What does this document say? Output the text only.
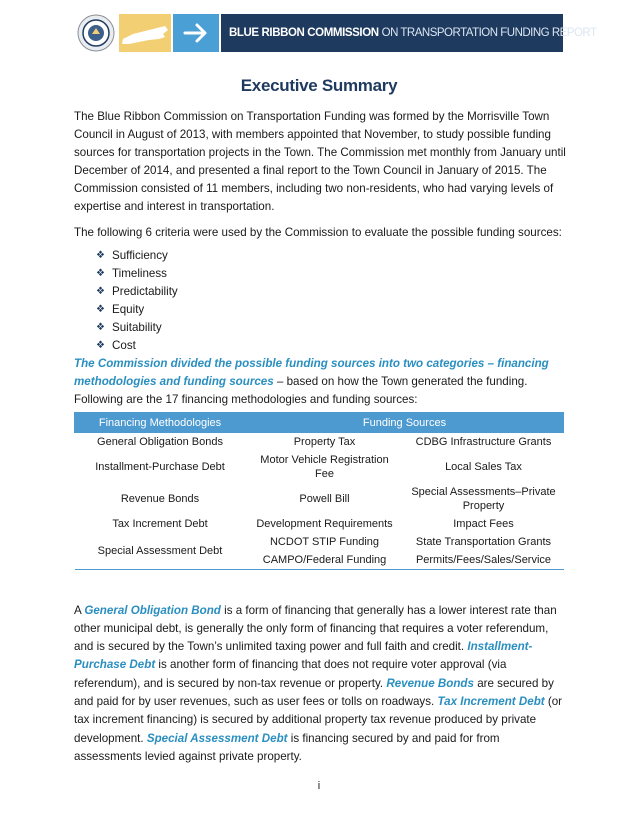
BLUE RIBBON COMMISSION ON TRANSPORTATION FUNDING REPORT
Executive Summary

The Blue Ribbon Commission on Transportation Funding was formed by the Morrisville Town Council in August of 2013, with members appointed that November, to study possible funding sources for transportation projects in the Town. The Commission met monthly from January until December of 2014, and presented a final report to the Town Council in January of 2015. The Commission consisted of 11 members, including two non-residents, who had varying levels of expertise and interest in transportation.

The following 6 criteria were used by the Commission to evaluate the possible funding sources:

❖ Sufficiency
❖ Timeliness
❖ Predictability
❖ Equity
❖ Suitability
❖ Cost

The Commission divided the possible funding sources into two categories – financing methodologies and funding sources – based on how the Town generated the funding. Following are the 17 financing methodologies and funding sources:

Financing Methodologies	Funding Sources	
General Obligation Bonds	Property Tax	CDBG Infrastructure Grants
Installment-Purchase Debt	Motor Vehicle Registration Fee	Local Sales Tax
Revenue Bonds	Powell Bill	Special Assessments–Private Property
Tax Increment Debt	Development Requirements	Impact Fees
Special Assessment Debt	NCDOT STIP Funding	State Transportation Grants
	CAMPO/Federal Funding	Permits/Fees/Sales/Service

A General Obligation Bond is a form of financing that generally has a lower interest rate than other municipal debt, is generally the only form of financing that requires a voter referendum, and is secured by the Town’s unlimited taxing power and full faith and credit. Installment-Purchase Debt is another form of financing that does not require voter approval (via referendum), and is secured by non-tax revenue or property. Revenue Bonds are secured by and paid for by user revenues, such as user fees or tolls on roadways. Tax Increment Debt (or tax increment financing) is secured by additional property tax revenue produced by private development. Special Assessment Debt is financing secured by and paid for from assessments levied against private property.

i
